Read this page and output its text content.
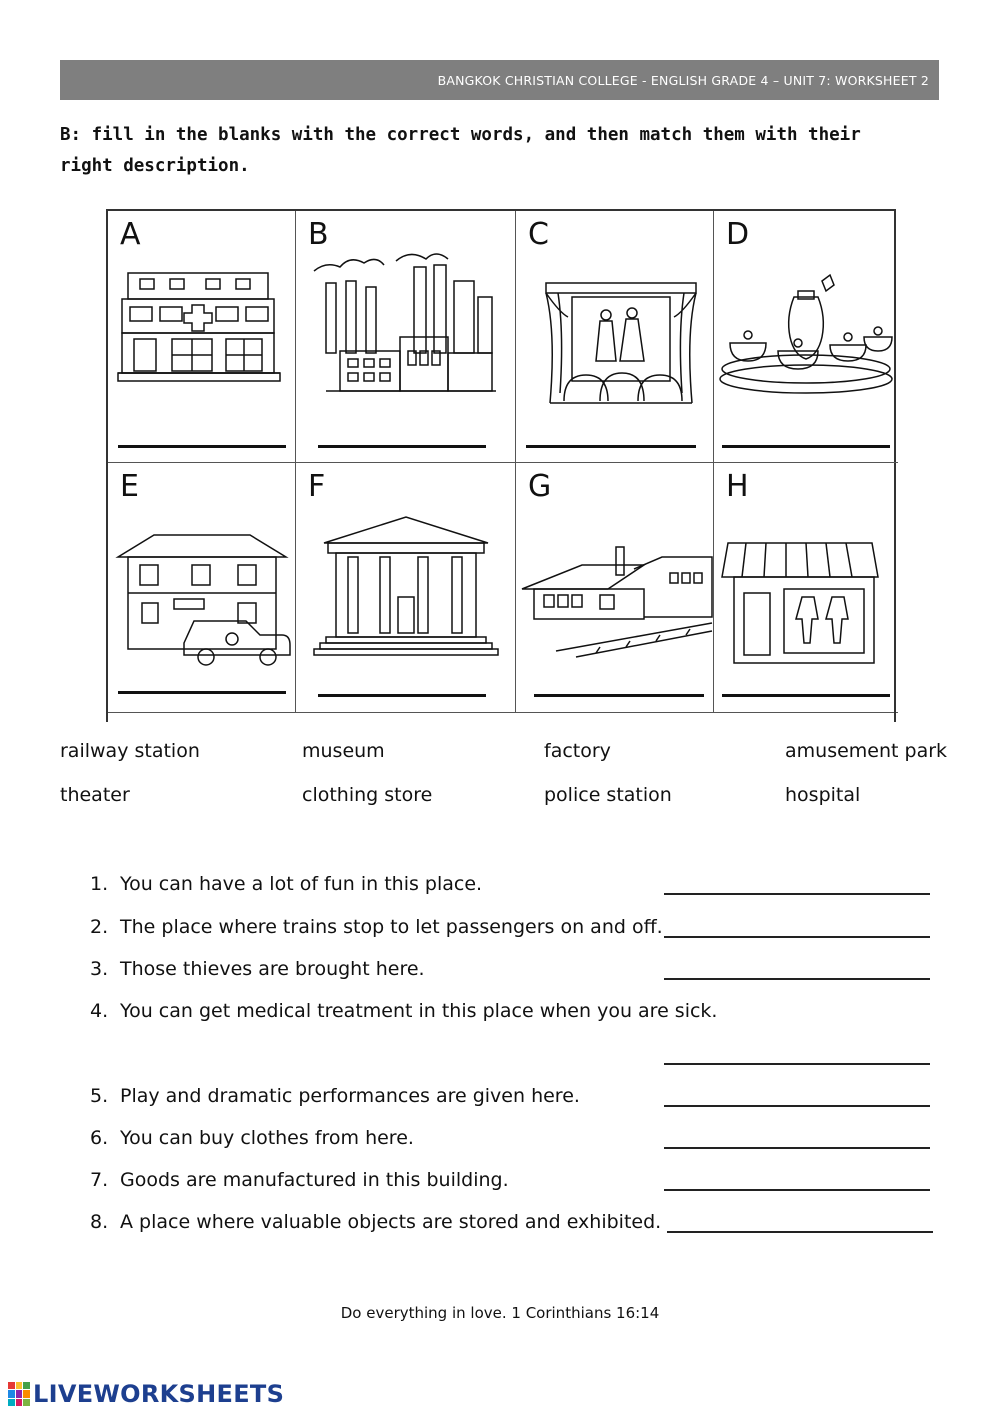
BANGKOK CHRISTIAN COLLEGE - ENGLISH GRADE 4 – UNIT 7: WORKSHEET 2
B: fill in the blanks with the correct words, and then match them with their right description.
A	B	C	D
E	F	G	H
railway station	museum	factory	amusement park
theater	clothing store	police station	hospital
1. You can have a lot of fun in this place.
2. The place where trains stop to let passengers on and off.
3. Those thieves are brought here.
4. You can get medical treatment in this place when you are sick.
5. Play and dramatic performances are given here.
6. You can buy clothes from here.
7. Goods are manufactured in this building.
8. A place where valuable objects are stored and exhibited.
Do everything in love. 1 Corinthians 16:14
LIVEWORKSHEETS
